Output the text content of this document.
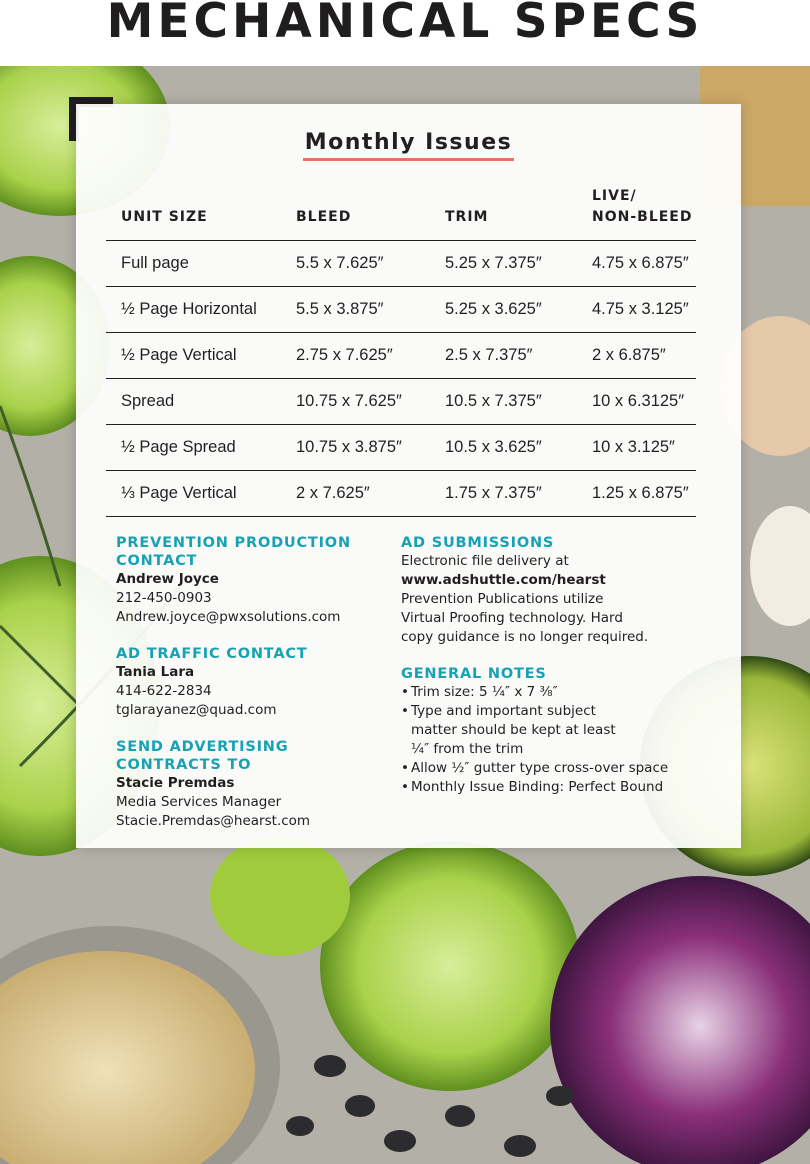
MECHANICAL SPECS
Monthly Issues
UNIT SIZE	BLEED	TRIM	LIVE/
NON-BLEED
Full page	5.5 x 7.625″	5.25 x 7.375″	4.75 x 6.875″
½ Page Horizontal	5.5 x 3.875″	5.25 x 3.625″	4.75 x 3.125″
½ Page Vertical	2.75 x 7.625″	2.5 x 7.375″	2 x 6.875″
Spread	10.75 x 7.625″	10.5 x 7.375″	10 x 6.3125″
½ Page Spread	10.75 x 3.875″	10.5 x 3.625″	10 x 3.125″
⅓ Page Vertical	2 x 7.625″	1.75 x 7.375″	1.25 x 6.875″
PREVENTION PRODUCTION CONTACT
Andrew Joyce
212-450-0903
Andrew.joyce@pwxsolutions.com
AD TRAFFIC CONTACT
Tania Lara
414-622-2834
tglarayanez@quad.com
SEND ADVERTISING CONTRACTS TO
Stacie Premdas
Media Services Manager
Stacie.Premdas@hearst.com
AD SUBMISSIONS
Electronic file delivery at
www.adshuttle.com/hearst
Prevention Publications utilize
Virtual Proofing technology. Hard
copy guidance is no longer required.
GENERAL NOTES
• Trim size: 5 ¼″ x 7 ⅜″
• Type and important subject
matter should be kept at least
¼″ from the trim
• Allow ½″ gutter type cross-over space
• Monthly Issue Binding: Perfect Bound
